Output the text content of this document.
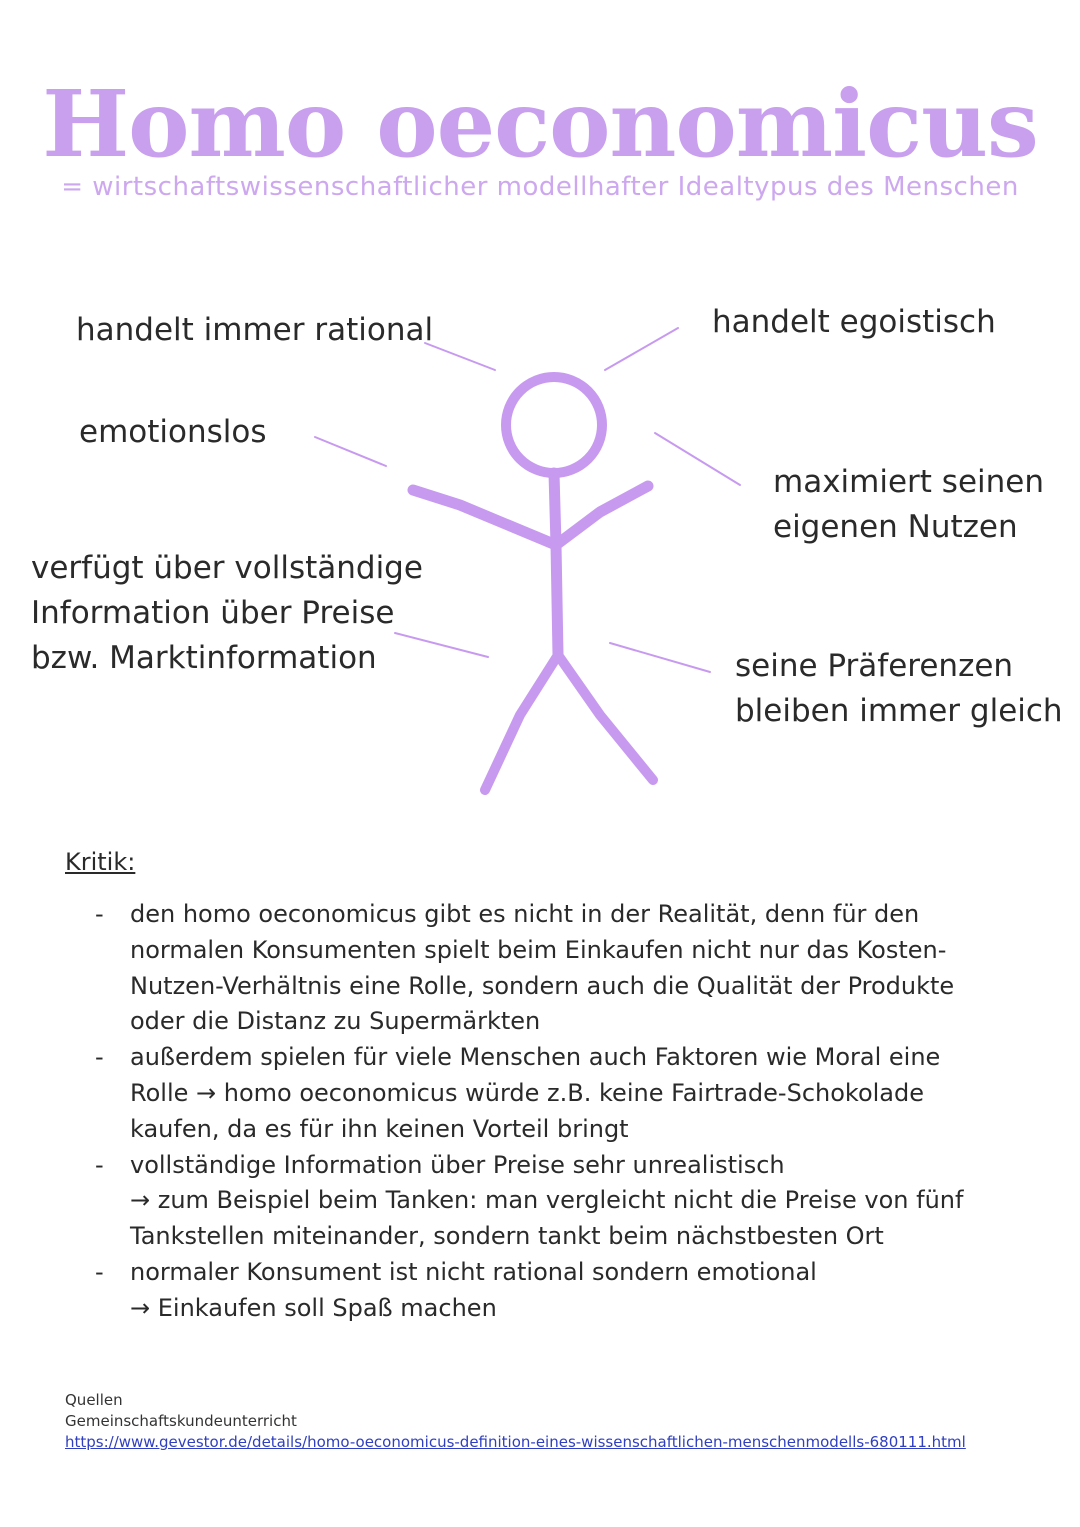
Homo oeconomicus
= wirtschaftswissenschaftlicher modellhafter Idealtypus des Menschen
handelt immer rational	handelt egoistisch
emotionslos
maximiert seinen
eigenen Nutzen
verfügt über vollständige
Information über Preise
bzw. Marktinformation	seine Präferenzen
bleiben immer gleich
Kritik:
- den homo oeconomicus gibt es nicht in der Realität, denn für den
normalen Konsumenten spielt beim Einkaufen nicht nur das Kosten-
Nutzen-Verhältnis eine Rolle, sondern auch die Qualität der Produkte
oder die Distanz zu Supermärkten
- außerdem spielen für viele Menschen auch Faktoren wie Moral eine
Rolle → homo oeconomicus würde z.B. keine Fairtrade-Schokolade
kaufen, da es für ihn keinen Vorteil bringt
- vollständige Information über Preise sehr unrealistisch
→ zum Beispiel beim Tanken: man vergleicht nicht die Preise von fünf
Tankstellen miteinander, sondern tankt beim nächstbesten Ort
- normaler Konsument ist nicht rational sondern emotional
→ Einkaufen soll Spaß machen
Quellen
Gemeinschaftskundeunterricht
https://www.gevestor.de/details/homo-oeconomicus-definition-eines-wissenschaftlichen-menschenmodells-680111.html
